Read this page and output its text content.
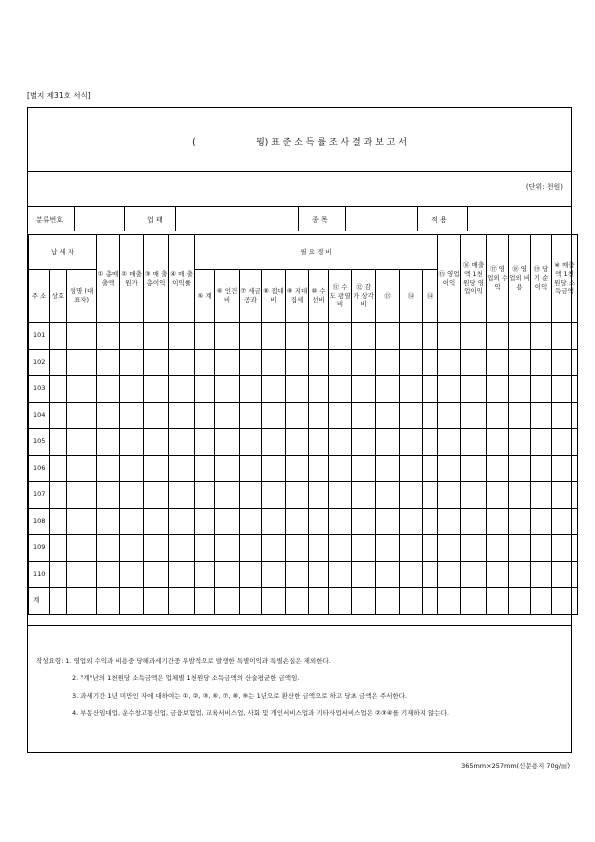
[별지 제31호 서식]
(	뭥) 표 준 소 득 률 조 사 결 과 보 고 서
(단위: 천원)
분류번호	업 태	종 목	적 용
납 세 자			① 총매 출액	② 매출 원가	③ 매 출 총이익	④ 매 출 이익률	필 요 경 비											⑮ 영업 이익	⑯ 매출액 1천원당 영업이익	⑰ 영업외 수 익	⑱ 영업외 비 용	⑲ 당 기 순이익	※ 매출액 1천원당 소득금액
주 소	상호	성명 (대표자)					⑤ 계	⑥ 인건비	⑦ 세금 공과	⑧ 접대비	⑨ 지대 집세	⑩ 수선비	⑪ 수 도 광열비	⑫ 감 가 상각비	⑬	⑭	⑭						
101																							
102																							
103																							
104																							
105																							
106																							
107																							
108																							
109																							
110																							
계																							
작성요령: 1. 영업외 수익과 비용중 당해과세기간중 우발적으로 발생한 특별이익과 특별손실은 제외한다.
2. "계"난의 1천원당 소득금액은 업체별 1천원당 소득금액의 산술평균한 금액임.
3. 과세기간 1년 미만인 자에 대하여는 ①, ②, ③, ⑥, ⑦, ⑧, ⑨는 1년으로 환산한 금액으로 하고 당초 금액은 주서한다.
4. 부동산임대업, 운수창고통신업, 금융보험업, 교육서비스업, 사회 및 개인서비스업과 기타사업서비스업은 ②③④를 기재하지 않는다.
365mm×257mm(신문용지 70g/㎡)
